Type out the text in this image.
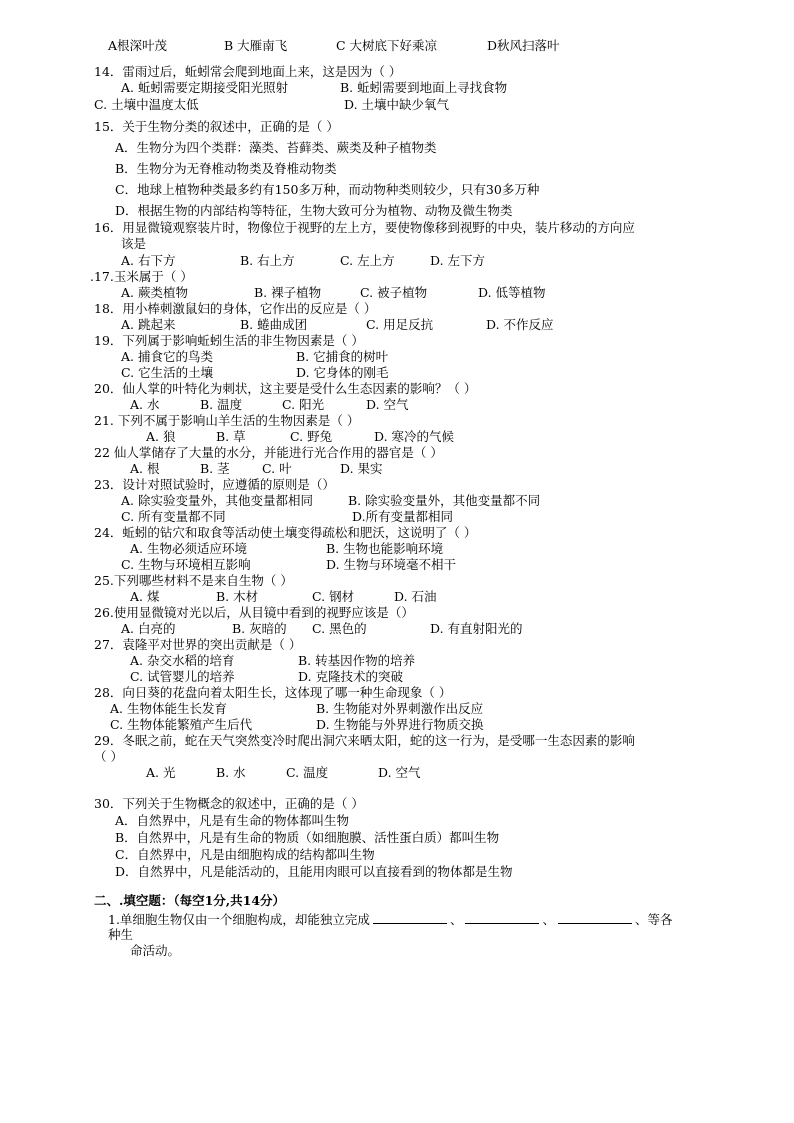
A根深叶茂	B 大雁南飞	C 大树底下好乘凉	D秋风扫落叶
14．雷雨过后，蚯蚓常会爬到地面上来，这是因为（ ）
A. 蚯蚓需要定期接受阳光照射	B. 蚯蚓需要到地面上寻找食物
C. 土壤中温度太低	D. 土壤中缺少氧气
15．关于生物分类的叙述中，正确的是（ ）
A．生物分为四个类群：藻类、苔藓类、蕨类及种子植物类
B．生物分为无脊椎动物类及脊椎动物类
C．地球上植物种类最多约有150多万种，而动物种类则较少，只有30多万种
D．根据生物的内部结构等特征，生物大致可分为植物、动物及微生物类
16．用显微镜观察装片时，物像位于视野的左上方，要使物像移到视野的中央，装片移动的方向应
该是
A. 右下方	B. 右上方	C. 左上方	D. 左下方
.17.玉米属于（ ）
A. 蕨类植物	B. 裸子植物	C. 被子植物	D. 低等植物
18．用小棒刺激鼠妇的身体，它作出的反应是（ ）
A. 跳起来	B. 蜷曲成团	C. 用足反抗	D. 不作反应
19．下列属于影响蚯蚓生活的非生物因素是（ ）
A. 捕食它的鸟类	B. 它捕食的树叶
C. 它生活的土壤	D. 它身体的刚毛
20．仙人掌的叶特化为刺状，这主要是受什么生态因素的影响？（ ）
A. 水	B. 温度	C. 阳光	D. 空气
21. 下列不属于影响山羊生活的生物因素是（ ）
A. 狼	B. 草	C. 野兔	D. 寒冷的气候
22 仙人掌储存了大量的水分，并能进行光合作用的器官是（ ）
A. 根	B. 茎	C. 叶	D. 果实
23．设计对照试验时，应遵循的原则是（）
A. 除实验变量外，其他变量都相同	B. 除实验变量外，其他变量都不同
C. 所有变量都不同	D.所有变量都相同
24．蚯蚓的钻穴和取食等活动使土壤变得疏松和肥沃，这说明了（ ）
A. 生物必须适应环境	B. 生物也能影响环境
C. 生物与环境相互影响	D. 生物与环境毫不相干
25.下列哪些材料不是来自生物（ ）
A. 煤	B. 木材	C. 钢材	D. 石油
26.使用显微镜对光以后，从目镜中看到的视野应该是（）
A. 白亮的	B. 灰暗的 C. 黑色的	D. 有直射阳光的
27．袁隆平对世界的突出贡献是（ ）
A. 杂交水稻的培育	B. 转基因作物的培养
C. 试管婴儿的培养	D. 克隆技术的突破
28．向日葵的花盘向着太阳生长，这体现了哪一种生命现象（ ）
A. 生物体能生长发育	B. 生物能对外界刺激作出反应
C. 生物体能繁殖产生后代	D. 生物能与外界进行物质交换
29．冬眠之前，蛇在天气突然变冷时爬出洞穴来晒太阳，蛇的这一行为，是受哪一生态因素的影响
（ ）
A. 光	B. 水	C. 温度	D. 空气
30．下列关于生物概念的叙述中，正确的是（ ）
A．自然界中，凡是有生命的物体都叫生物
B．自然界中，凡是有生命的物质（如细胞膜、活性蛋白质）都叫生物
C．自然界中，凡是由细胞构成的结构都叫生物
D．自然界中，凡是能活动的，且能用肉眼可以直接看到的物体都是生物
二、.填空题：（每空1分,共14分）
1.单细胞生物仅由一个细胞构成，却能独立完成	、	、	、等各
种生
命活动。
